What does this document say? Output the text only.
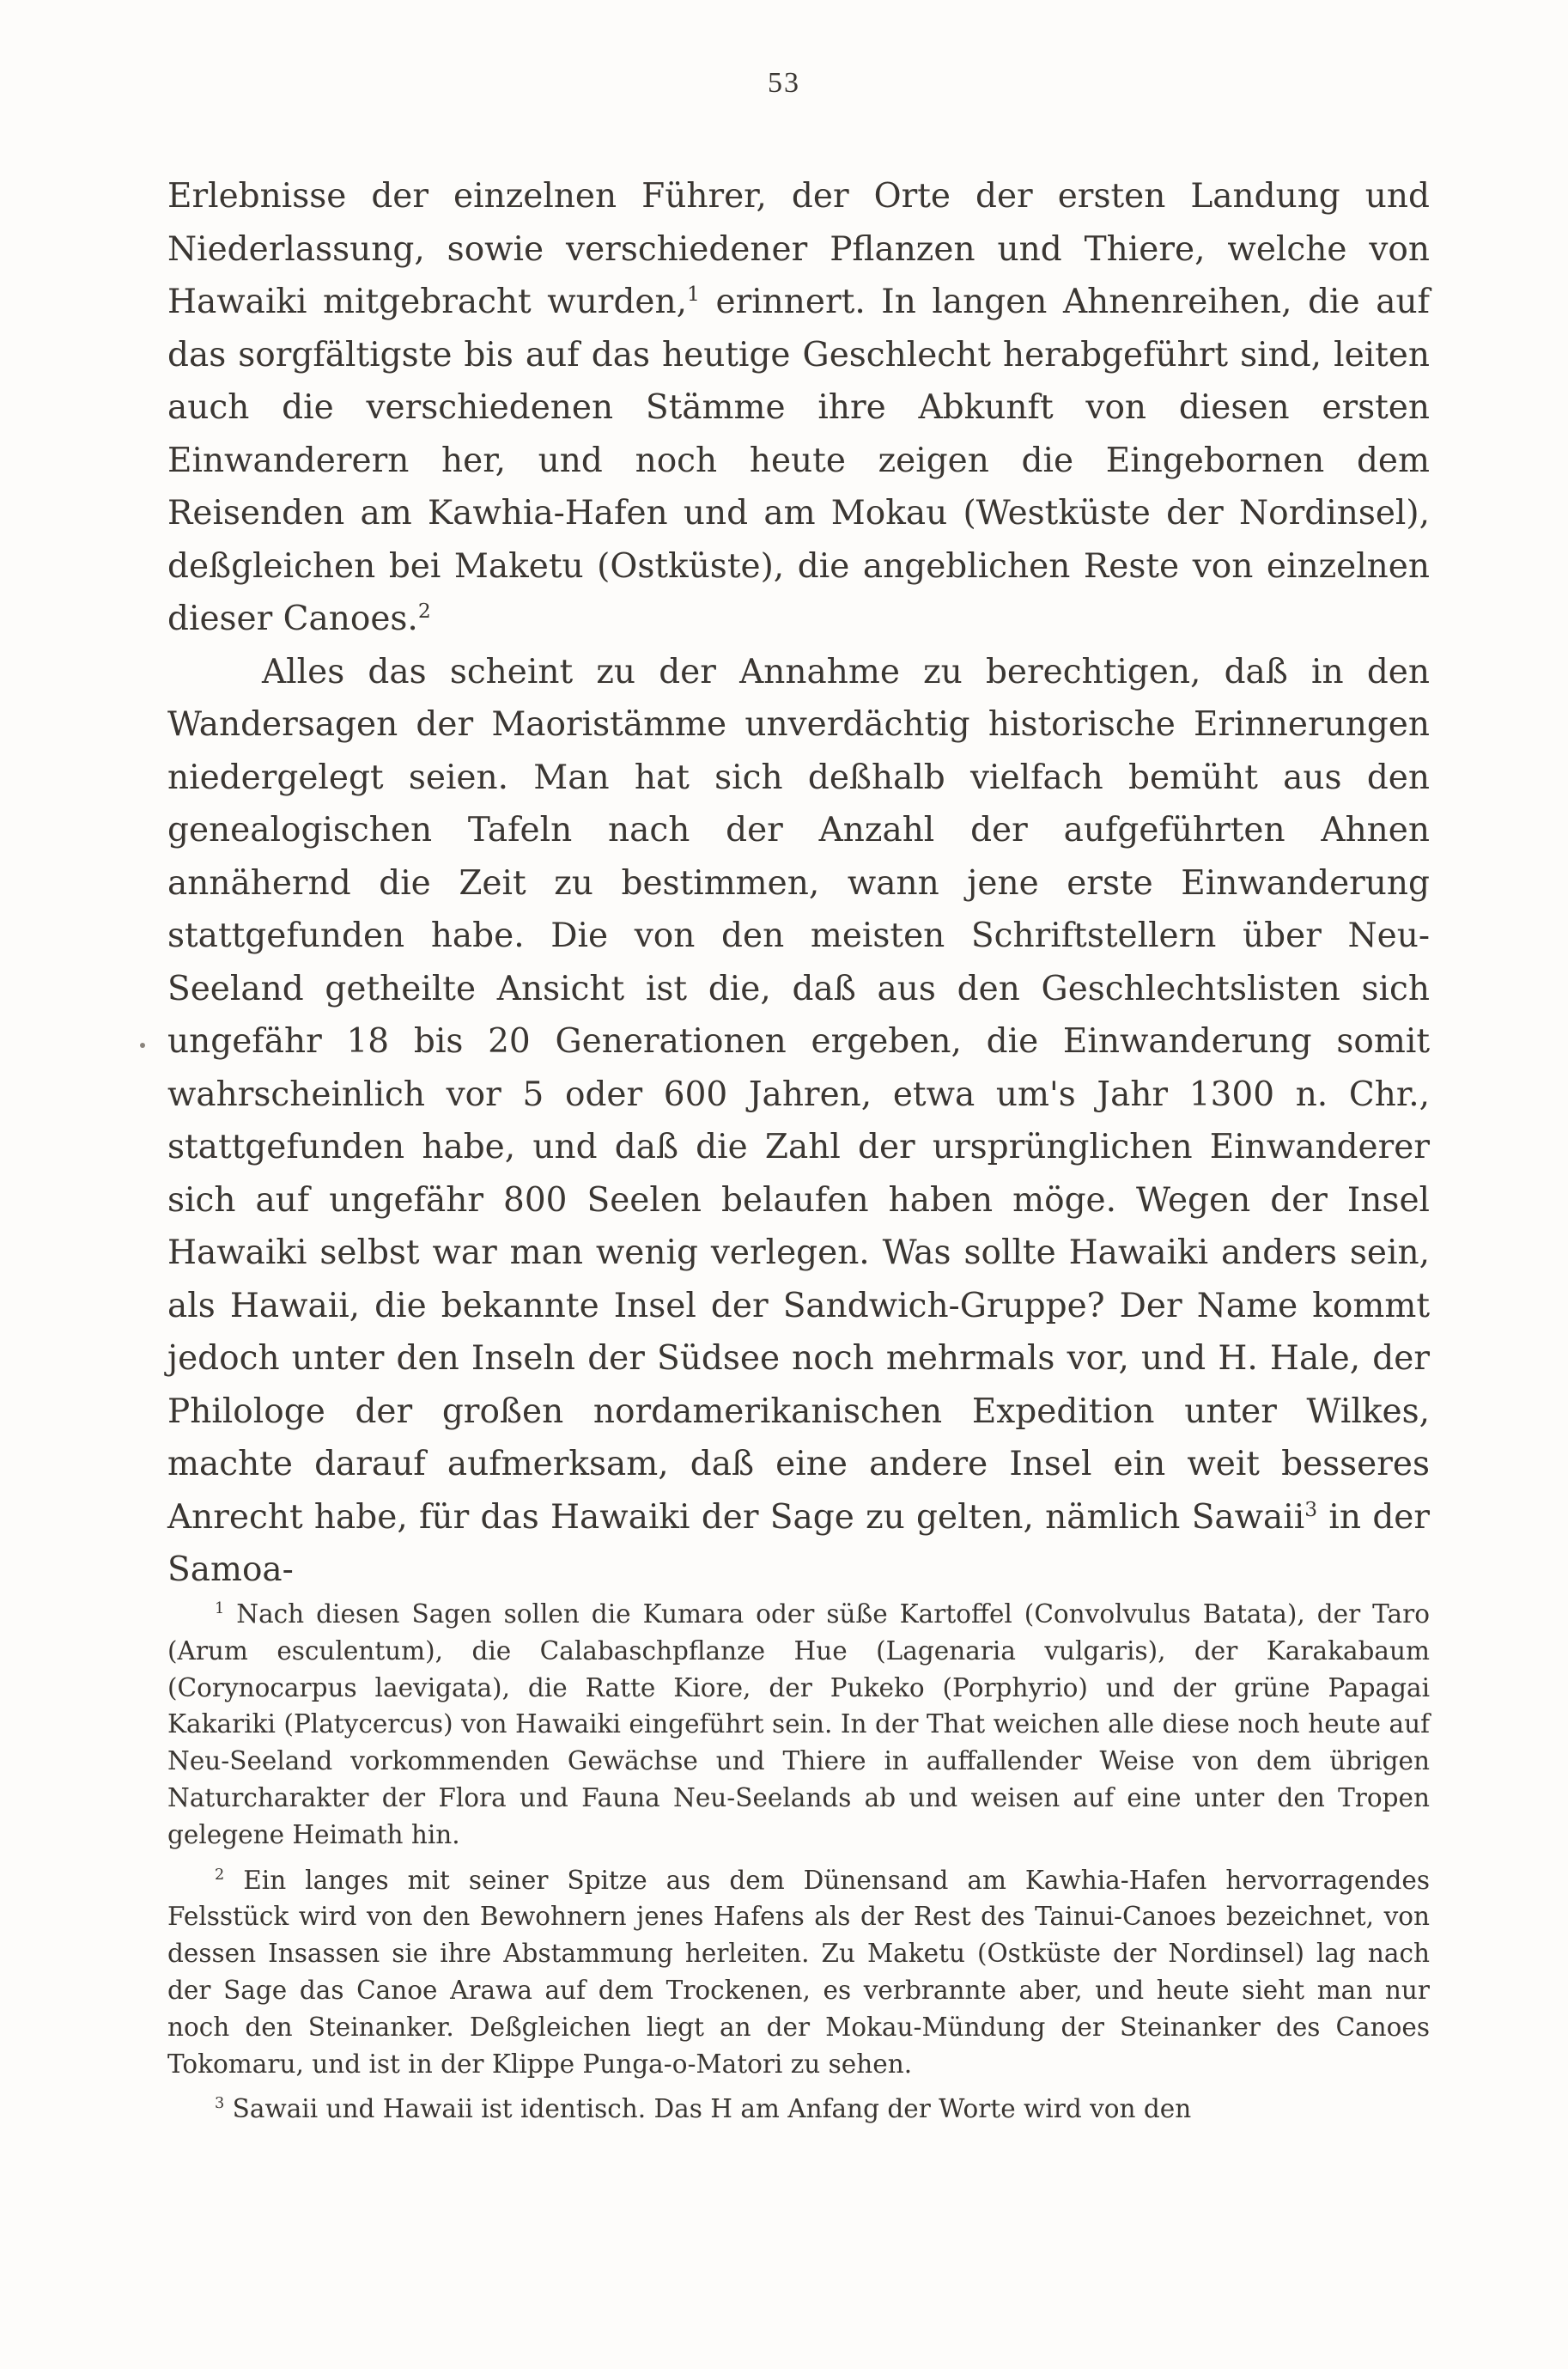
53

Erlebnisse der einzelnen Führer, der Orte der ersten Landung und Niederlassung, sowie verschiedener Pflanzen und Thiere, welche von Hawaiki mitgebracht wurden,$^1$ erinnert. In langen Ahnenreihen, die auf das sorgfältigste bis auf das heutige Geschlecht herabgeführt sind, leiten auch die verschiedenen Stämme ihre Abkunft von diesen ersten Einwanderern her, und noch heute zeigen die Eingebornen dem Reisenden am Kawhia-Hafen und am Mokau (Westküste der Nordinsel), deßgleichen bei Maketu (Ostküste), die angeblichen Reste von einzelnen dieser Canoes.$^2$

Alles das scheint zu der Annahme zu berechtigen, daß in den Wandersagen der Maoristämme unverdächtig historische Erinnerungen niedergelegt seien. Man hat sich deßhalb vielfach bemüht aus den genealogischen Tafeln nach der Anzahl der aufgeführten Ahnen annähernd die Zeit zu bestimmen, wann jene erste Einwanderung stattgefunden habe. Die von den meisten Schriftstellern über Neu-Seeland getheilte Ansicht ist die, daß aus den Geschlechtslisten sich ungefähr 18 bis 20 Generationen ergeben, die Einwanderung somit wahrscheinlich vor 5 oder 600 Jahren, etwa um's Jahr 1300 n. Chr., stattgefunden habe, und daß die Zahl der ursprünglichen Einwanderer sich auf ungefähr 800 Seelen belaufen haben möge. Wegen der Insel Hawaiki selbst war man wenig verlegen. Was sollte Hawaiki anders sein, als Hawaii, die bekannte Insel der Sandwich-Gruppe? Der Name kommt jedoch unter den Inseln der Südsee noch mehrmals vor, und H. Hale, der Philologe der großen nordamerikanischen Expedition unter Wilkes, machte darauf aufmerksam, daß eine andere Insel ein weit besseres Anrecht habe, für das Hawaiki der Sage zu gelten, nämlich Sawaii$^3$ in der Samoa-

$^1$ Nach diesen Sagen sollen die Kumara oder süße Kartoffel (Convolvulus Batata), der Taro (Arum esculentum), die Calabaschpflanze Hue (Lagenaria vulgaris), der Karakabaum (Corynocarpus laevigata), die Ratte Kiore, der Pukeko (Porphyrio) und der grüne Papagai Kakariki (Platycercus) von Hawaiki eingeführt sein. In der That weichen alle diese noch heute auf Neu-Seeland vorkommenden Gewächse und Thiere in auffallender Weise von dem übrigen Naturcharakter der Flora und Fauna Neu-Seelands ab und weisen auf eine unter den Tropen gelegene Heimath hin.

$^2$ Ein langes mit seiner Spitze aus dem Dünensand am Kawhia-Hafen hervorragendes Felsstück wird von den Bewohnern jenes Hafens als der Rest des Tainui-Canoes bezeichnet, von dessen Insassen sie ihre Abstammung herleiten. Zu Maketu (Ostküste der Nordinsel) lag nach der Sage das Canoe Arawa auf dem Trockenen, es verbrannte aber, und heute sieht man nur noch den Steinanker. Deßgleichen liegt an der Mokau-Mündung der Steinanker des Canoes Tokomaru, und ist in der Klippe Punga-o-Matori zu sehen.

$^3$ Sawaii und Hawaii ist identisch. Das H am Anfang der Worte wird von den
